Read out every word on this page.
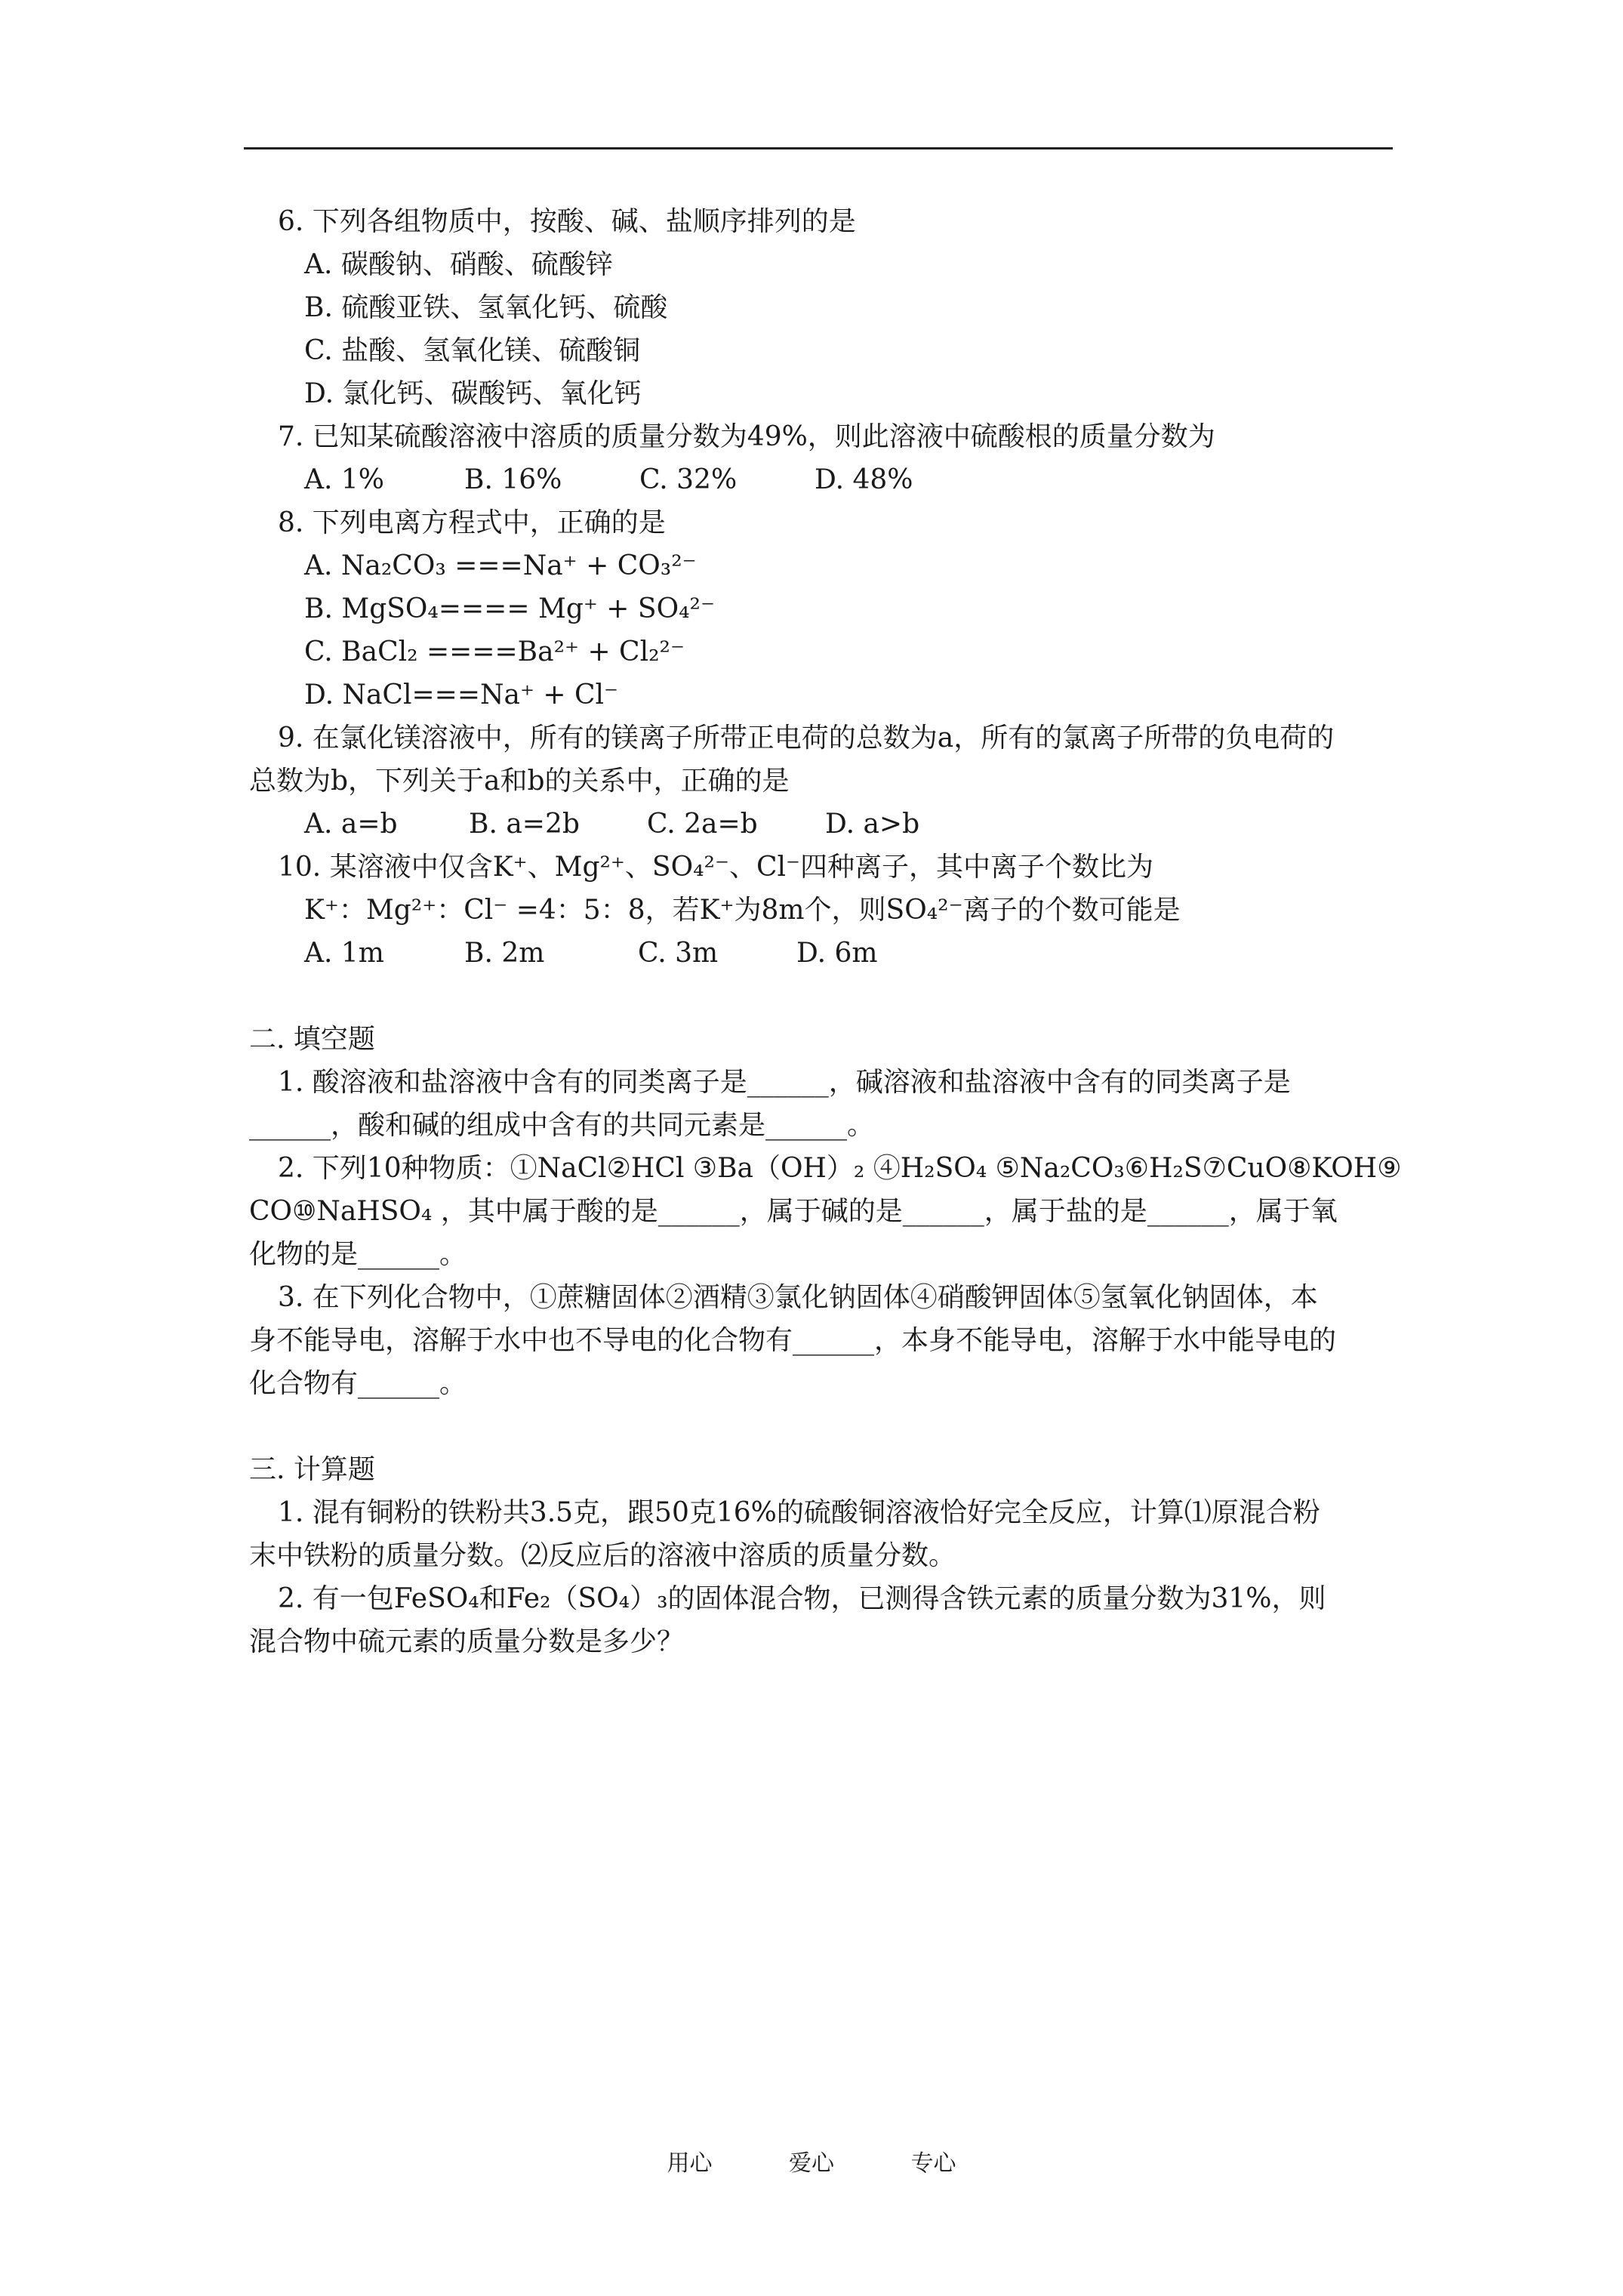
6. 下列各组物质中，按酸、碱、盐顺序排列的是
A. 碳酸钠、硝酸、硫酸锌
B. 硫酸亚铁、氢氧化钙、硫酸
C. 盐酸、氢氧化镁、硫酸铜
D. 氯化钙、碳酸钙、氧化钙
7. 已知某硫酸溶液中溶质的质量分数为49%，则此溶液中硫酸根的质量分数为
A. 1%	B. 16%	C. 32%	D. 48%
8. 下列电离方程式中，正确的是
A. Na₂CO₃ ===Na⁺ + CO₃²⁻
B. MgSO₄==== Mg⁺ + SO₄²⁻
C. BaCl₂ ====Ba²⁺ + Cl₂²⁻
D. NaCl===Na⁺ + Cl⁻
9. 在氯化镁溶液中，所有的镁离子所带正电荷的总数为a，所有的氯离子所带的负电荷的
总数为b，下列关于a和b的关系中，正确的是
A. a=b	B. a=2b C. 2a=b D. a>b
10. 某溶液中仅含K⁺、Mg²⁺、SO₄²⁻、Cl⁻四种离子，其中离子个数比为
K⁺：Mg²⁺：Cl⁻ =4：5：8，若K⁺为8m个，则SO₄²⁻离子的个数可能是
A. 1m	B. 2m	C. 3m	D. 6m
二. 填空题
1. 酸溶液和盐溶液中含有的同类离子是______，碱溶液和盐溶液中含有的同类离子是
______，酸和碱的组成中含有的共同元素是______。
2. 下列10种物质：①NaCl②HCl ③Ba（OH）₂ ④H₂SO₄ ⑤Na₂CO₃⑥H₂S⑦CuO⑧KOH⑨
CO⑩NaHSO₄ ，其中属于酸的是______，属于碱的是______，属于盐的是______，属于氧
化物的是______。
3. 在下列化合物中，①蔗糖固体②酒精③氯化钠固体④硝酸钾固体⑤氢氧化钠固体，本
身不能导电，溶解于水中也不导电的化合物有______，本身不能导电，溶解于水中能导电的
化合物有______。
三. 计算题
1. 混有铜粉的铁粉共3.5克，跟50克16%的硫酸铜溶液恰好完全反应，计算⑴原混合粉
末中铁粉的质量分数。⑵反应后的溶液中溶质的质量分数。
2. 有一包FeSO₄和Fe₂（SO₄）₃的固体混合物，已测得含铁元素的质量分数为31%，则
混合物中硫元素的质量分数是多少？
用心	爱心	专心
